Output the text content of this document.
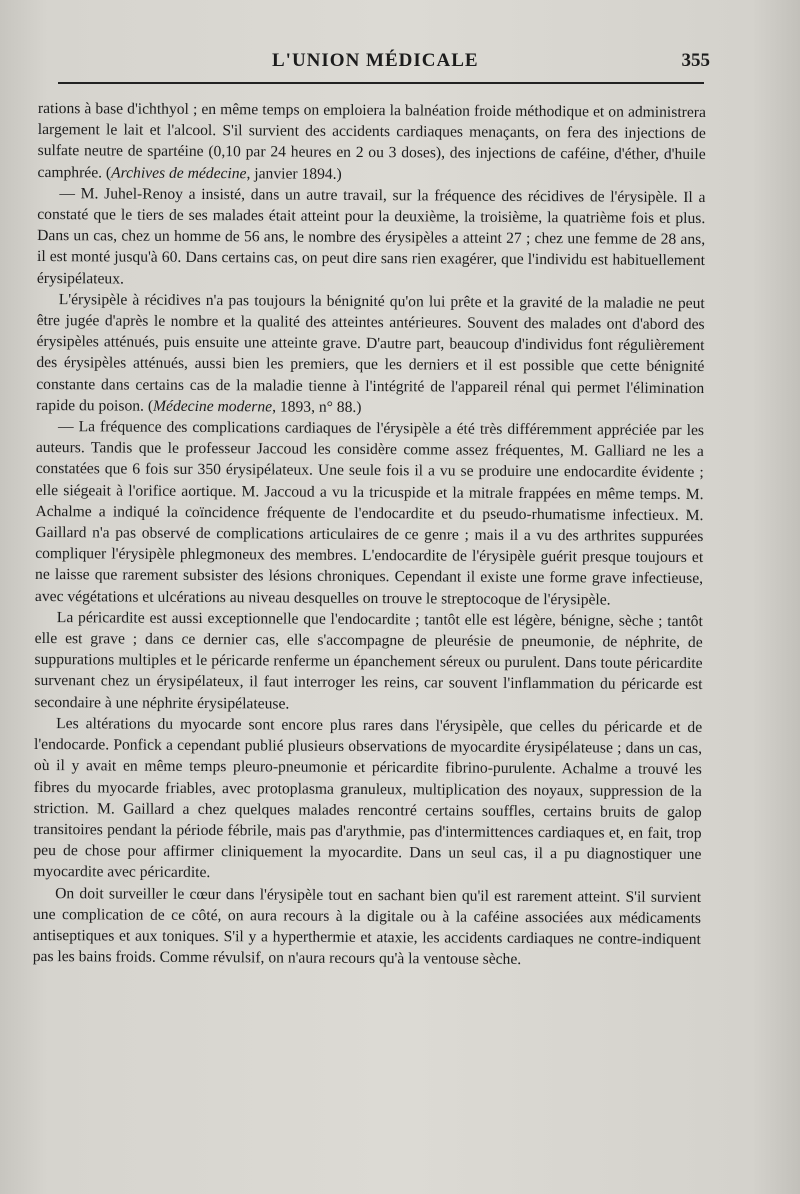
L'UNION MÉDICALE	355

rations à base d'ichthyol ; en même temps on emploiera la balnéation froide méthodique et on administrera largement le lait et l'alcool. S'il survient des accidents cardiaques menaçants, on fera des injections de sulfate neutre de spartéine (0,10 par 24 heures en 2 ou 3 doses), des injections de caféine, d'éther, d'huile camphrée. (Archives de médecine, janvier 1894.)

— M. Juhel-Renoy a insisté, dans un autre travail, sur la fréquence des récidives de l'érysipèle. Il a constaté que le tiers de ses malades était atteint pour la deuxième, la troisième, la quatrième fois et plus. Dans un cas, chez un homme de 56 ans, le nombre des érysipèles a atteint 27 ; chez une femme de 28 ans, il est monté jusqu'à 60. Dans certains cas, on peut dire sans rien exagérer, que l'individu est habituellement érysipélateux.

L'érysipèle à récidives n'a pas toujours la bénignité qu'on lui prête et la gravité de la maladie ne peut être jugée d'après le nombre et la qualité des atteintes antérieures. Souvent des malades ont d'abord des érysipèles atténués, puis ensuite une atteinte grave. D'autre part, beaucoup d'individus font régulièrement des érysipèles atténués, aussi bien les premiers, que les derniers et il est possible que cette bénignité constante dans certains cas de la maladie tienne à l'intégrité de l'appareil rénal qui permet l'élimination rapide du poison. (Médecine moderne, 1893, n° 88.)

— La fréquence des complications cardiaques de l'érysipèle a été très différemment appréciée par les auteurs. Tandis que le professeur Jaccoud les considère comme assez fréquentes, M. Galliard ne les a constatées que 6 fois sur 350 érysipélateux. Une seule fois il a vu se produire une endocardite évidente ; elle siégeait à l'orifice aortique. M. Jaccoud a vu la tricuspide et la mitrale frappées en même temps. M. Achalme a indiqué la coïncidence fréquente de l'endocardite et du pseudo-rhumatisme infectieux. M. Gaillard n'a pas observé de complications articulaires de ce genre ; mais il a vu des arthrites suppurées compliquer l'érysipèle phlegmoneux des membres. L'endocardite de l'érysipèle guérit presque toujours et ne laisse que rarement subsister des lésions chroniques. Cependant il existe une forme grave infectieuse, avec végétations et ulcérations au niveau desquelles on trouve le streptocoque de l'érysipèle.

La péricardite est aussi exceptionnelle que l'endocardite ; tantôt elle est légère, bénigne, sèche ; tantôt elle est grave ; dans ce dernier cas, elle s'accompagne de pleurésie de pneumonie, de néphrite, de suppurations multiples et le péricarde renferme un épanchement séreux ou purulent. Dans toute péricardite survenant chez un érysipélateux, il faut interroger les reins, car souvent l'inflammation du péricarde est secondaire à une néphrite érysipélateuse.

Les altérations du myocarde sont encore plus rares dans l'érysipèle, que celles du péricarde et de l'endocarde. Ponfick a cependant publié plusieurs observations de myocardite érysipélateuse ; dans un cas, où il y avait en même temps pleuro-pneumonie et péricardite fibrino-purulente. Achalme a trouvé les fibres du myocarde friables, avec protoplasma granuleux, multiplication des noyaux, suppression de la striction. M. Gaillard a chez quelques malades rencontré certains souffles, certains bruits de galop transitoires pendant la période fébrile, mais pas d'arythmie, pas d'intermittences cardiaques et, en fait, trop peu de chose pour affirmer cliniquement la myocardite. Dans un seul cas, il a pu diagnostiquer une myocardite avec péricardite.

On doit surveiller le cœur dans l'érysipèle tout en sachant bien qu'il est rarement atteint. S'il survient une complication de ce côté, on aura recours à la digitale ou à la caféine associées aux médicaments antiseptiques et aux toniques. S'il y a hyperthermie et ataxie, les accidents cardiaques ne contre-indiquent pas les bains froids. Comme révulsif, on n'aura recours qu'à la ventouse sèche.
